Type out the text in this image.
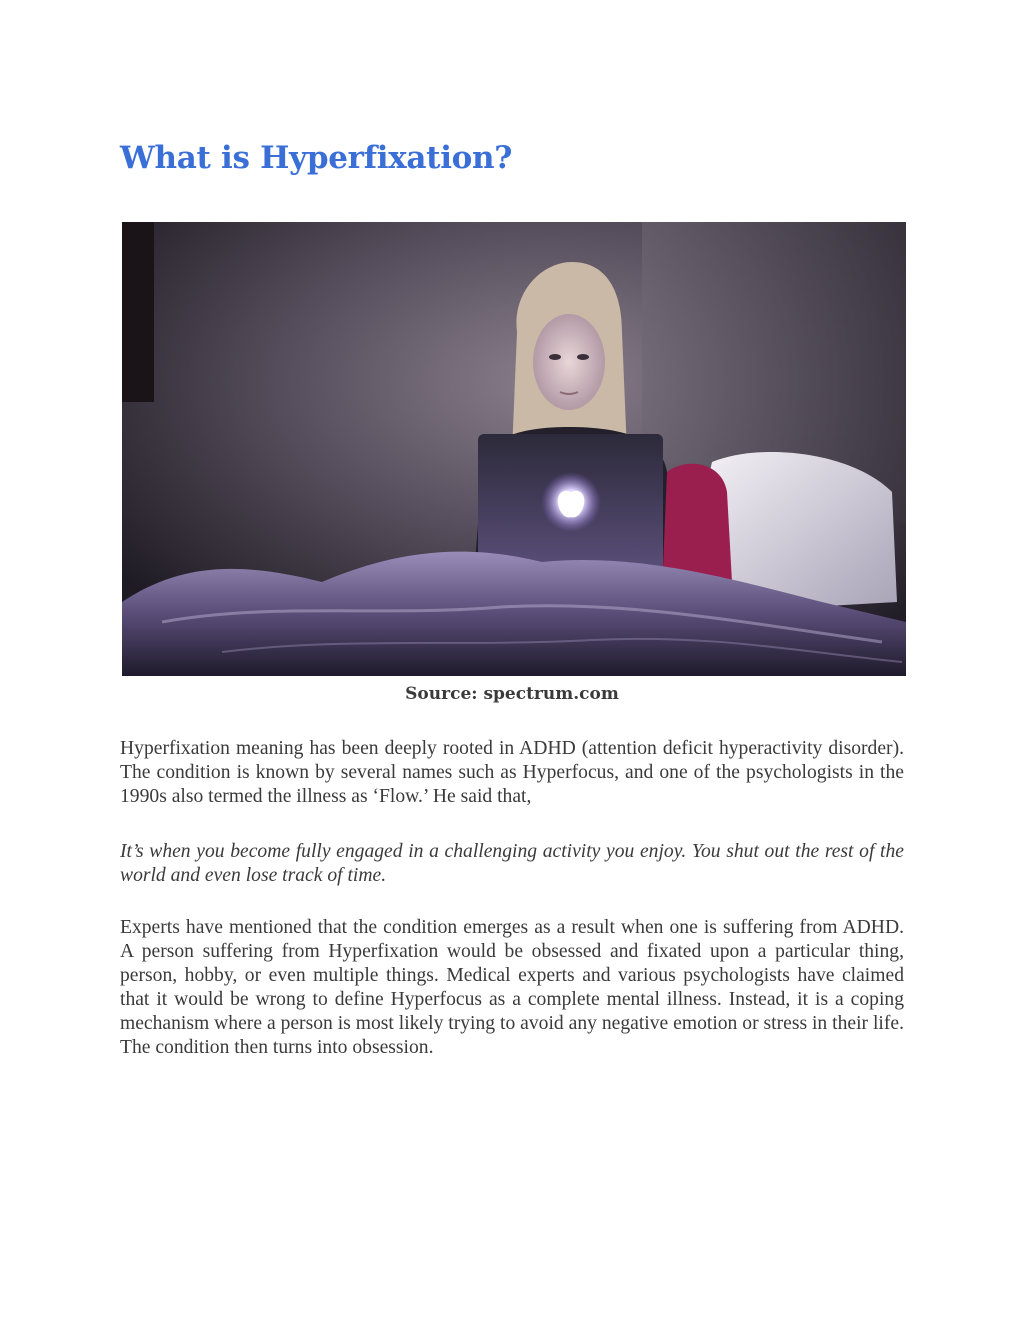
What is Hyperfixation?

Source: spectrum.com

Hyperfixation meaning has been deeply rooted in ADHD (attention deficit hyperactivity disorder). The condition is known by several names such as Hyperfocus, and one of the psychologists in the 1990s also termed the illness as ‘Flow.’ He said that,

It’s when you become fully engaged in a challenging activity you enjoy. You shut out the rest of the world and even lose track of time.

Experts have mentioned that the condition emerges as a result when one is suffering from ADHD. A person suffering from Hyperfixation would be obsessed and fixated upon a particular thing, person, hobby, or even multiple things. Medical experts and various psychologists have claimed that it would be wrong to define Hyperfocus as a complete mental illness. Instead, it is a coping mechanism where a person is most likely trying to avoid any negative emotion or stress in their life. The condition then turns into obsession.
